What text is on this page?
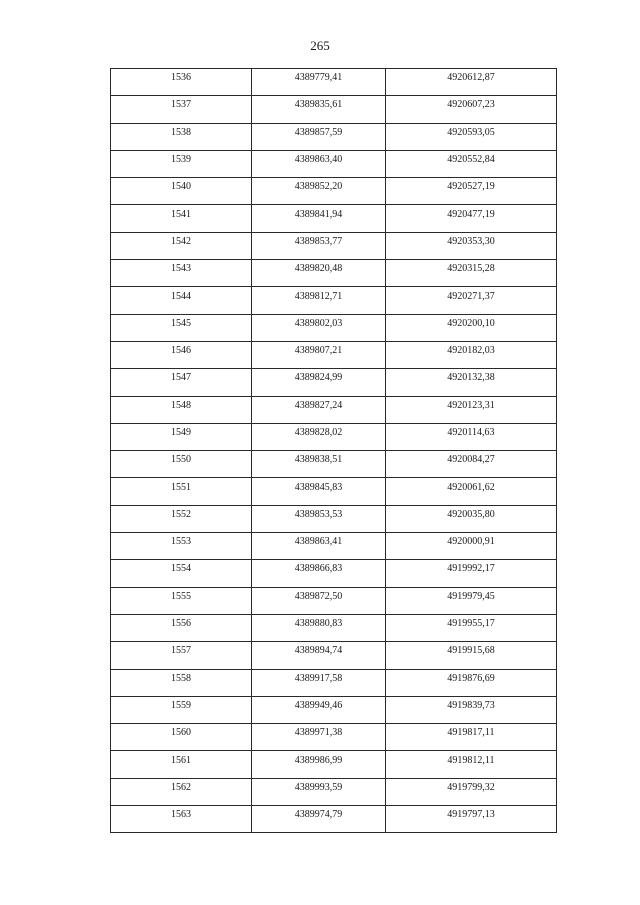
265
1536	4389779,41	4920612,87
1537	4389835,61	4920607,23
1538	4389857,59	4920593,05
1539	4389863,40	4920552,84
1540	4389852,20	4920527,19
1541	4389841,94	4920477,19
1542	4389853,77	4920353,30
1543	4389820,48	4920315,28
1544	4389812,71	4920271,37
1545	4389802,03	4920200,10
1546	4389807,21	4920182,03
1547	4389824,99	4920132,38
1548	4389827,24	4920123,31
1549	4389828,02	4920114,63
1550	4389838,51	4920084,27
1551	4389845,83	4920061,62
1552	4389853,53	4920035,80
1553	4389863,41	4920000,91
1554	4389866,83	4919992,17
1555	4389872,50	4919979,45
1556	4389880,83	4919955,17
1557	4389894,74	4919915,68
1558	4389917,58	4919876,69
1559	4389949,46	4919839,73
1560	4389971,38	4919817,11
1561	4389986,99	4919812,11
1562	4389993,59	4919799,32
1563	4389974,79	4919797,13
